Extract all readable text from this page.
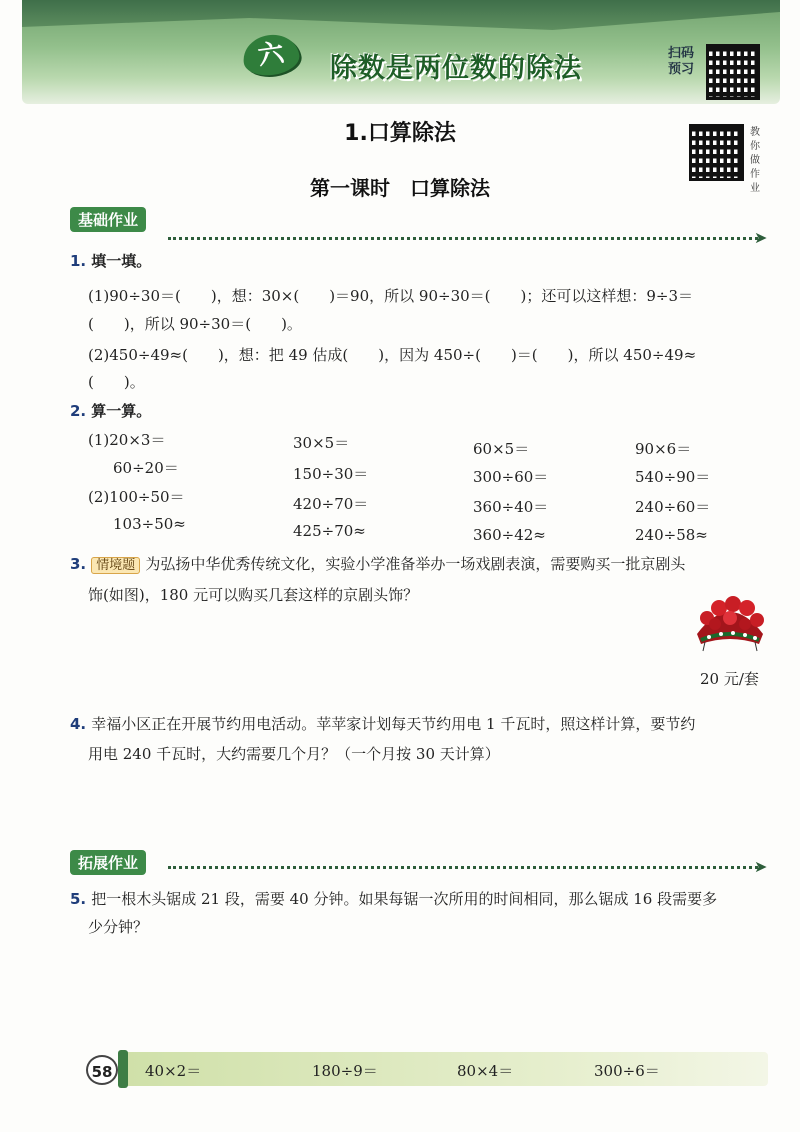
六	除数是两位数的除法	扫码
预习
教
你
做
作
业
1.口算除法
第一课时　口算除法
基础作业
➤
1. 填一填。
(1)90÷30＝(　　)，想：30×(　　)＝90，所以 90÷30＝(　　)；还可以这样想：9÷3＝
(　　)，所以 90÷30＝(　　)。
(2)450÷49≈(　　)，想：把 49 估成(　　)，因为 450÷(　　)＝(　　)，所以 450÷49≈
(　　)。
2. 算一算。
(1)20×3＝	30×5＝	60×5＝	90×6＝
60÷20＝	150÷30＝	300÷60＝	540÷90＝
(2)100÷50＝	420÷70＝	360÷40＝	240÷60＝
103÷50≈	425÷70≈	360÷42≈	240÷58≈
3. 情境题 为弘扬中华优秀传统文化，实验小学准备举办一场戏剧表演，需要购买一批京剧头
饰(如图)，180 元可以购买几套这样的京剧头饰？
20 元/套
4. 幸福小区正在开展节约用电活动。苹苹家计划每天节约用电 1 千瓦时，照这样计算，要节约
用电 240 千瓦时，大约需要几个月？（一个月按 30 天计算）
拓展作业	➤
5. 把一根木头锯成 21 段，需要 40 分钟。如果每锯一次所用的时间相同，那么锯成 16 段需要多
少分钟？
58	40×2＝	180÷9＝	80×4＝	300÷6＝
